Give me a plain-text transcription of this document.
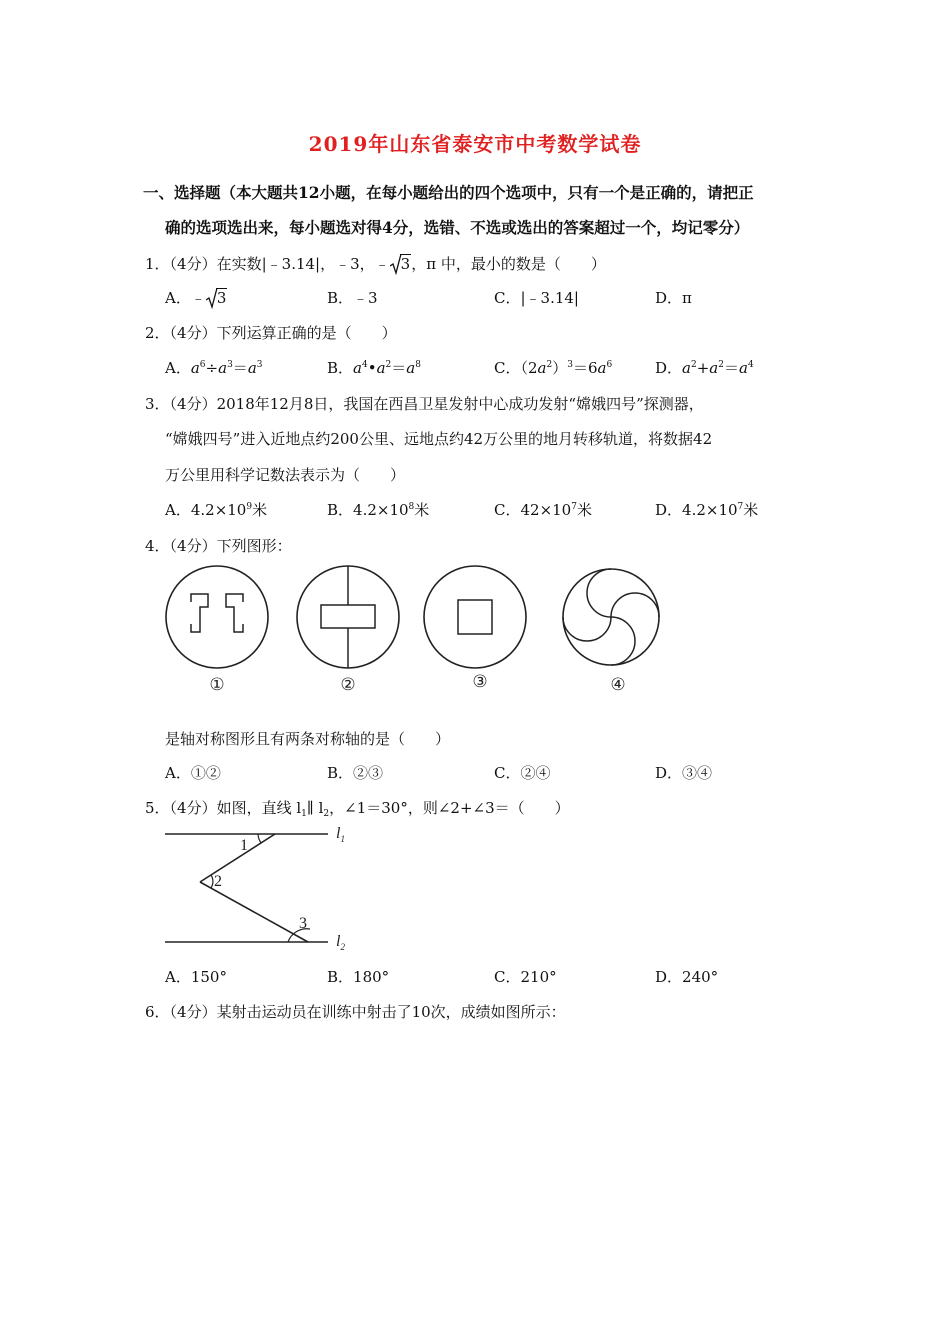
2019年山东省泰安市中考数学试卷
一、选择题（本大题共12小题，在每小题给出的四个选项中，只有一个是正确的，请把正
确的选项选出来，每小题选对得4分，选错、不选或选出的答案超过一个，均记零分）
1．（4分）在实数|﹣3.14|，﹣3，﹣ 3，π 中，最小的数是（　　）
A．﹣ 3	B．﹣3	C．|﹣3.14|	D．π
2．（4分）下列运算正确的是（　　）
A．$a^6\div a^3=a^3$	B．$a^4•a^2=a^8$	C．$(2a^2)^3=6a^6$	D．$a^2+a^2=a^4$
3．（4分）2018年12月8日，我国在西昌卫星发射中心成功发射“嫦娥四号”探测器，
“嫦娥四号”进入近地点约200公里、远地点约42万公里的地月转移轨道，将数据42
万公里用科学记数法表示为（　　）
A．$4.2\times 10^9$米	B．$4.2\times 10^8$米	C．$42\times 10^7$米	D．$4.2\times 10^7$米
4．（4分）下列图形：
①	②	③	④
是轴对称图形且有两条对称轴的是（　　）
A．①②	B．②③	C．②④	D．③④
5．（4分）如图，直线 $l_1\parallel$ $l_2$，∠1＝30°，则∠2+∠3＝（　　）
1
2
3
$l_1$
$l_2$
A．150°	B．180°	C．210°	D．240°
6．（4分）某射击运动员在训练中射击了10次，成绩如图所示：
